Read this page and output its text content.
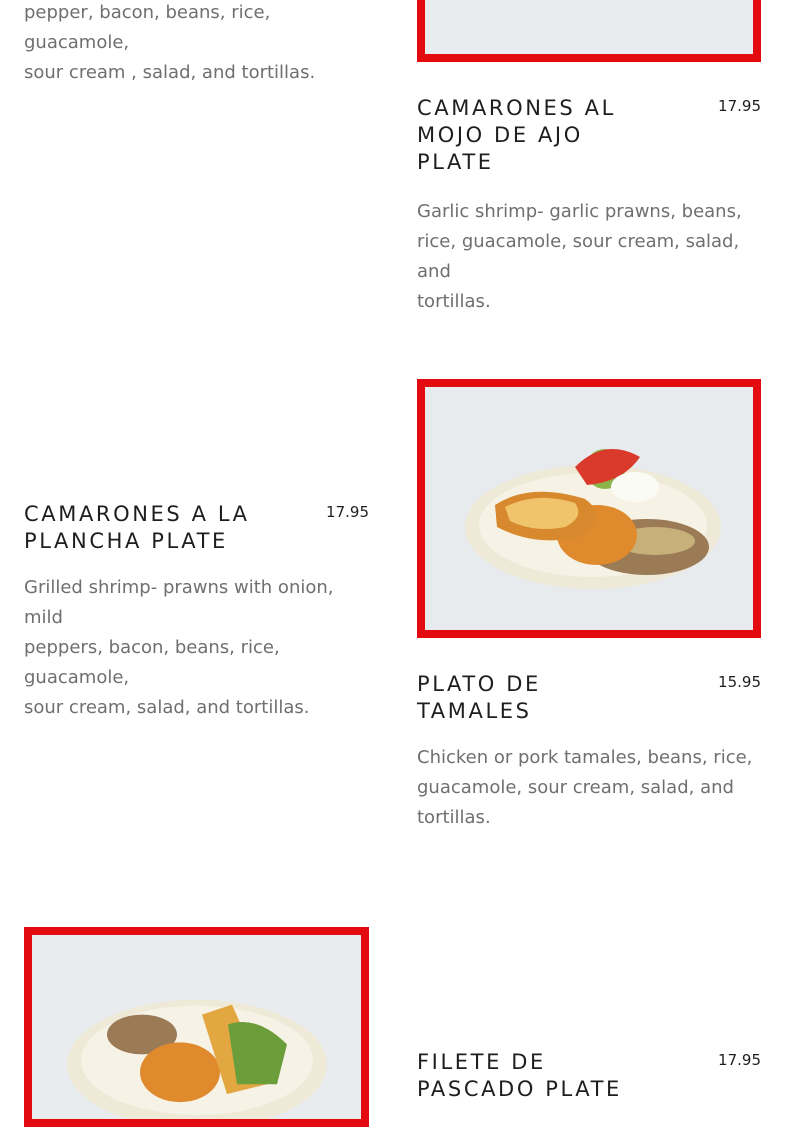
pepper, bacon, beans, rice, guacamole,
sour cream , salad, and tortillas.

CAMARONES AL
MOJO DE AJO
PLATE

17.95

Garlic shrimp- garlic prawns, beans,
rice, guacamole, sour cream, salad, and
tortillas.

CAMARONES A LA
PLANCHA PLATE

17.95

Grilled shrimp- prawns with onion, mild
peppers, bacon, beans, rice, guacamole,
sour cream, salad, and tortillas.

PLATO DE
TAMALES

15.95

Chicken or pork tamales, beans, rice,
guacamole, sour cream, salad, and
tortillas.

FILETE DE
PASCADO PLATE

17.95
